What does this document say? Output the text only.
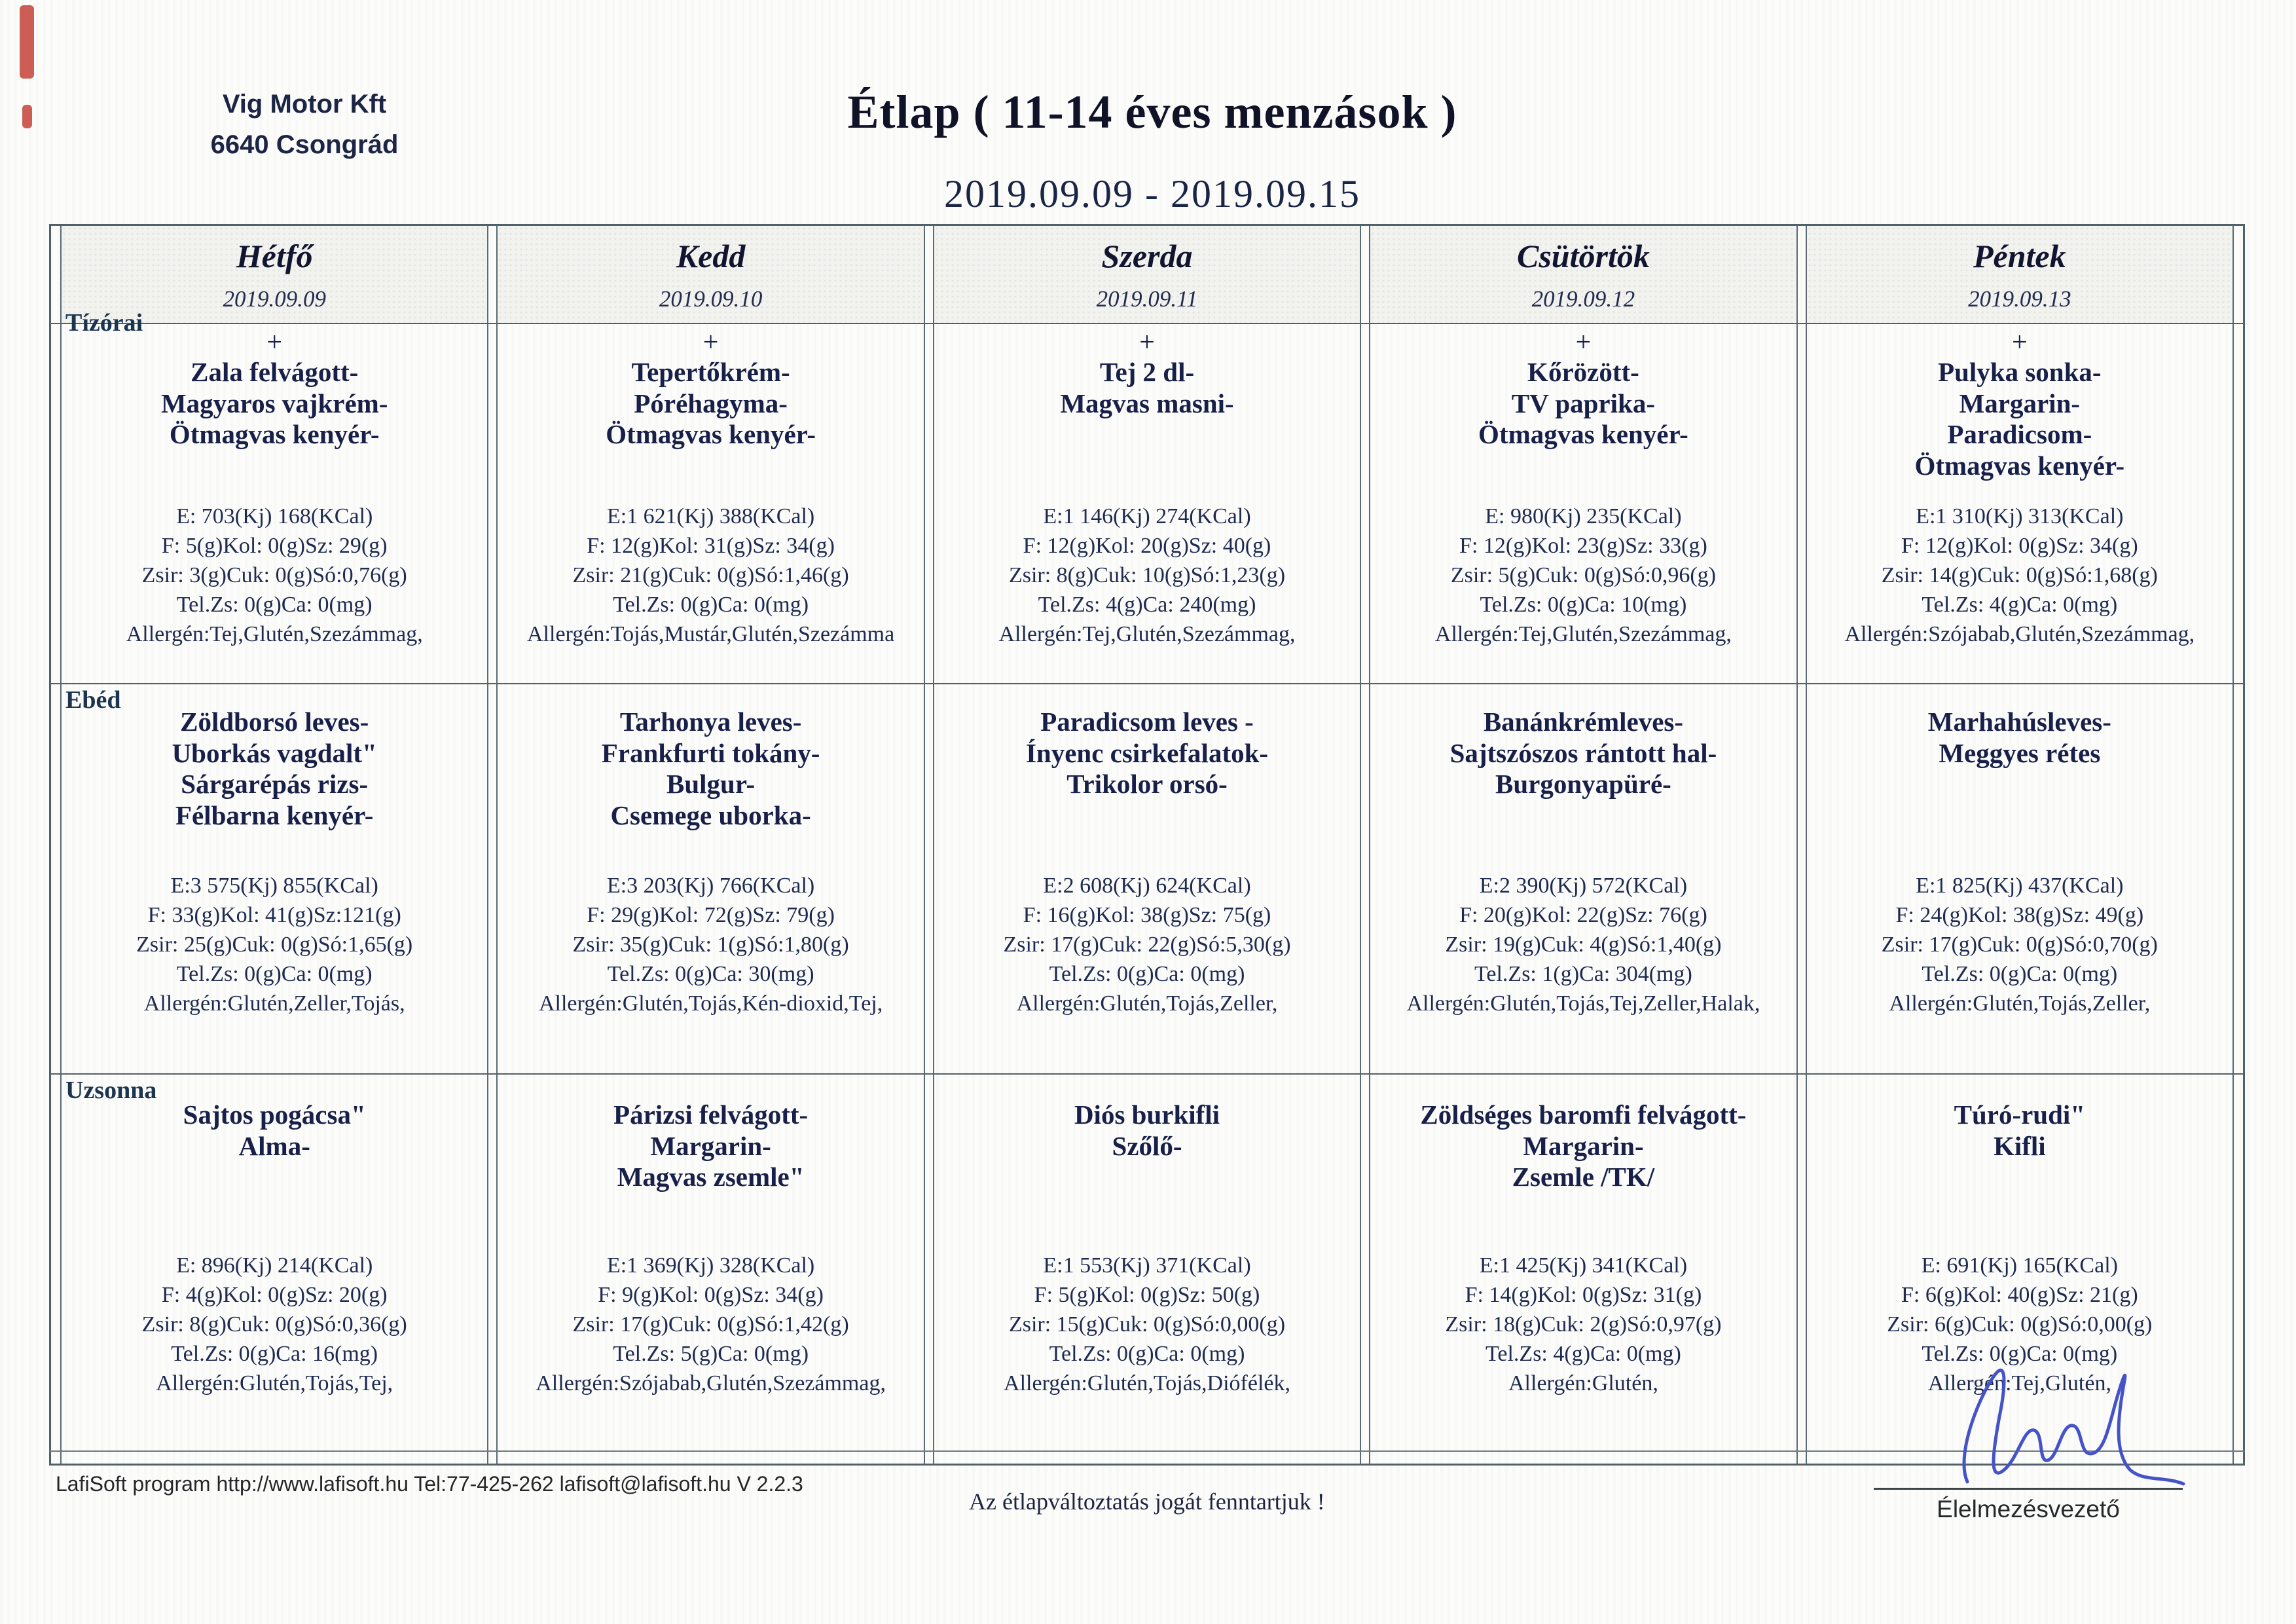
Vig Motor Kft
6640 Csongrád
Étlap ( 11-14 éves menzások )
2019.09.09 - 2019.09.15
Hétfő
2019.09.09
+
Zala felvágott-
Magyaros vajkrém-
Ötmagvas kenyér-
E: 703(Kj) 168(KCal)
F: 5(g)Kol: 0(g)Sz: 29(g)
Zsir: 3(g)Cuk: 0(g)Só:0,76(g)
Tel.Zs: 0(g)Ca: 0(mg)
Allergén:Tej,Glutén,Szezámmag,
Zöldborsó leves-
Uborkás vagdalt"
Sárgarépás rizs-
Félbarna kenyér-
E:3 575(Kj) 855(KCal)
F: 33(g)Kol: 41(g)Sz:121(g)
Zsir: 25(g)Cuk: 0(g)Só:1,65(g)
Tel.Zs: 0(g)Ca: 0(mg)
Allergén:Glutén,Zeller,Tojás,
Sajtos pogácsa"
Alma-
E: 896(Kj) 214(KCal)
F: 4(g)Kol: 0(g)Sz: 20(g)
Zsir: 8(g)Cuk: 0(g)Só:0,36(g)
Tel.Zs: 0(g)Ca: 16(mg)
Allergén:Glutén,Tojás,Tej,
Kedd
2019.09.10
+
Tepertőkrém-
Póréhagyma-
Ötmagvas kenyér-
E:1 621(Kj) 388(KCal)
F: 12(g)Kol: 31(g)Sz: 34(g)
Zsir: 21(g)Cuk: 0(g)Só:1,46(g)
Tel.Zs: 0(g)Ca: 0(mg)
Allergén:Tojás,Mustár,Glutén,Szezámma
Tarhonya leves-
Frankfurti tokány-
Bulgur-
Csemege uborka-
E:3 203(Kj) 766(KCal)
F: 29(g)Kol: 72(g)Sz: 79(g)
Zsir: 35(g)Cuk: 1(g)Só:1,80(g)
Tel.Zs: 0(g)Ca: 30(mg)
Allergén:Glutén,Tojás,Kén-dioxid,Tej,
Párizsi felvágott-
Margarin-
Magvas zsemle"
E:1 369(Kj) 328(KCal)
F: 9(g)Kol: 0(g)Sz: 34(g)
Zsir: 17(g)Cuk: 0(g)Só:1,42(g)
Tel.Zs: 5(g)Ca: 0(mg)
Allergén:Szójabab,Glutén,Szezámmag,
Szerda
2019.09.11
+
Tej 2 dl-
Magvas masni-
E:1 146(Kj) 274(KCal)
F: 12(g)Kol: 20(g)Sz: 40(g)
Zsir: 8(g)Cuk: 10(g)Só:1,23(g)
Tel.Zs: 4(g)Ca: 240(mg)
Allergén:Tej,Glutén,Szezámmag,
Paradicsom leves -
Ínyenc csirkefalatok-
Trikolor orsó-
E:2 608(Kj) 624(KCal)
F: 16(g)Kol: 38(g)Sz: 75(g)
Zsir: 17(g)Cuk: 22(g)Só:5,30(g)
Tel.Zs: 0(g)Ca: 0(mg)
Allergén:Glutén,Tojás,Zeller,
Diós burkifli
Szőlő-
E:1 553(Kj) 371(KCal)
F: 5(g)Kol: 0(g)Sz: 50(g)
Zsir: 15(g)Cuk: 0(g)Só:0,00(g)
Tel.Zs: 0(g)Ca: 0(mg)
Allergén:Glutén,Tojás,Diófélék,
Csütörtök
2019.09.12
+
Kőrözött-
TV paprika-
Ötmagvas kenyér-
E: 980(Kj) 235(KCal)
F: 12(g)Kol: 23(g)Sz: 33(g)
Zsir: 5(g)Cuk: 0(g)Só:0,96(g)
Tel.Zs: 0(g)Ca: 10(mg)
Allergén:Tej,Glutén,Szezámmag,
Banánkrémleves-
Sajtszószos rántott hal-
Burgonyapüré-
E:2 390(Kj) 572(KCal)
F: 20(g)Kol: 22(g)Sz: 76(g)
Zsir: 19(g)Cuk: 4(g)Só:1,40(g)
Tel.Zs: 1(g)Ca: 304(mg)
Allergén:Glutén,Tojás,Tej,Zeller,Halak,
Zöldséges baromfi felvágott-
Margarin-
Zsemle /TK/
E:1 425(Kj) 341(KCal)
F: 14(g)Kol: 0(g)Sz: 31(g)
Zsir: 18(g)Cuk: 2(g)Só:0,97(g)
Tel.Zs: 4(g)Ca: 0(mg)
Allergén:Glutén,
Péntek
2019.09.13
+
Pulyka sonka-
Margarin-
Paradicsom-
Ötmagvas kenyér-
E:1 310(Kj) 313(KCal)
F: 12(g)Kol: 0(g)Sz: 34(g)
Zsir: 14(g)Cuk: 0(g)Só:1,68(g)
Tel.Zs: 4(g)Ca: 0(mg)
Allergén:Szójabab,Glutén,Szezámmag,
Marhahúsleves-
Meggyes rétes
E:1 825(Kj) 437(KCal)
F: 24(g)Kol: 38(g)Sz: 49(g)
Zsir: 17(g)Cuk: 0(g)Só:0,70(g)
Tel.Zs: 0(g)Ca: 0(mg)
Allergén:Glutén,Tojás,Zeller,
Túró-rudi"
Kifli
E: 691(Kj) 165(KCal)
F: 6(g)Kol: 40(g)Sz: 21(g)
Zsir: 6(g)Cuk: 0(g)Só:0,00(g)
Tel.Zs: 0(g)Ca: 0(mg)
Allergén:Tej,Glutén,
Tízórai
Ebéd
Uzsonna
LafiSoft program http://www.lafisoft.hu Tel:77-425-262 lafisoft@lafisoft.hu V 2.2.3
Az étlapváltoztatás jogát fenntartjuk !	Élelmezésvezető
